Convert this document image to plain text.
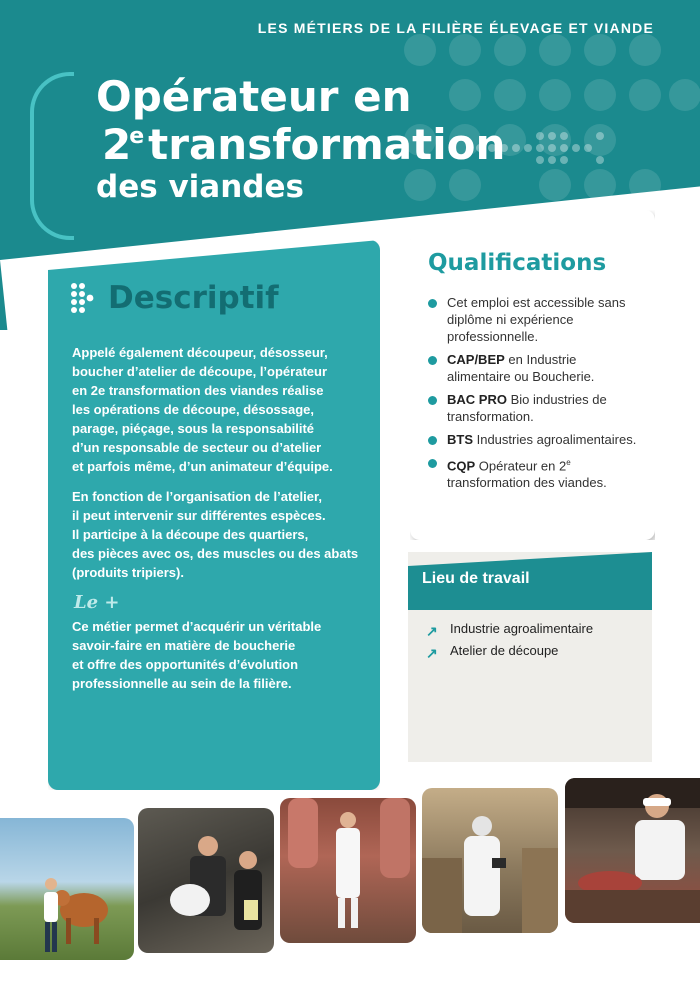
LES MÉTIERS DE LA FILIÈRE ÉLEVAGE ET VIANDE
Opérateur en
2etransformation
des viandes
Descriptif

Appelé également découpeur, désosseur,
boucher d’atelier de découpe, l’opérateur
en 2e transformation des viandes réalise
les opérations de découpe, désossage,
parage, piéçage, sous la responsabilité
d’un responsable de secteur ou d’atelier
et parfois même, d’un animateur d’équipe.

En fonction de l’organisation de l’atelier,
il peut intervenir sur différentes espèces.
Il participe à la découpe des quartiers,
des pièces avec os, des muscles ou des abats
(produits tripiers).

Le +
Ce métier permet d’acquérir un véritable
savoir-faire en matière de boucherie
et offre des opportunités d’évolution
professionnelle au sein de la filière.
Qualifications
Cet emploi est accessible sans diplôme ni expérience professionnelle.
CAP/BEP en Industrie alimentaire ou Boucherie.
BAC PRO Bio industries de transformation.
BTS Industries agroalimentaires.
CQP Opérateur en 2e transformation des viandes.
Lieu de travail
↗ Industrie agroalimentaire
↗ Atelier de découpe
